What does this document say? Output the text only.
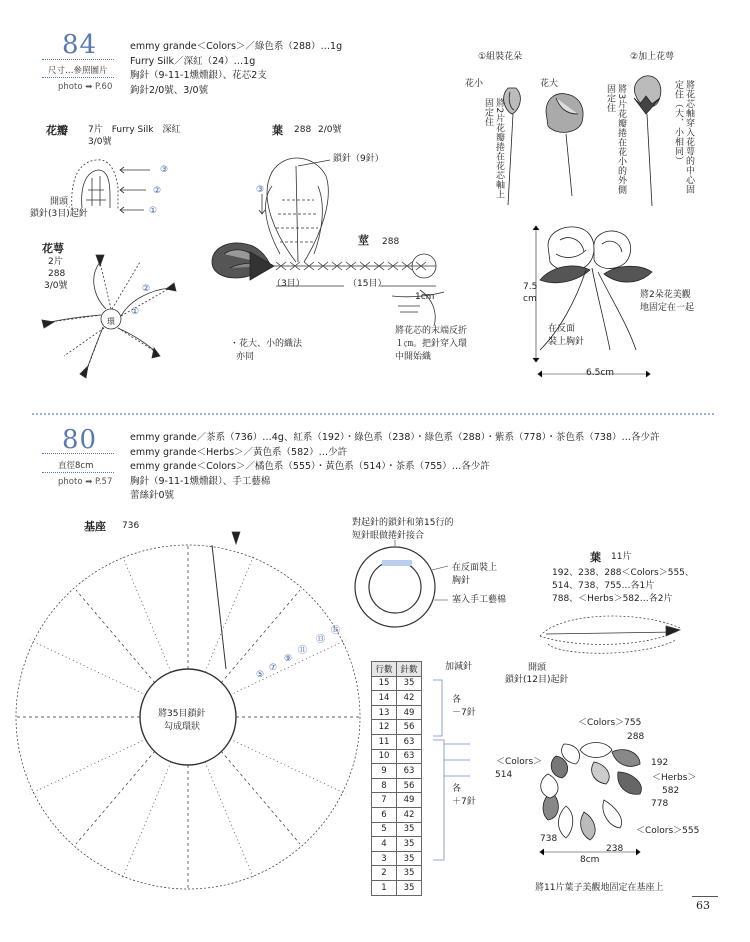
84
尺寸…參照圖片
photo ➡ P.60
emmy grande＜Colors＞／綠色系（288）…1g
Furry Silk／深紅（24）…1g
胸針（9-11-1燻燻銀）、花芯2支
鉤針2/0號、3/0號
花瓣 7片　Furry Silk　深紅
3/0號
開頭
鎖針(3目)起針
③
②
①
花萼
2片
288
3/0號
環
①
②
葉 288 2/0號
鎖針（9針）
③
莖 288
（3目）	（15目）
1cm
將花芯的末端反折
１㎝。把針穿入環
中開始織
・花大、小的織法
亦同
①組裝花朵
花小	花大
將2片花瓣捲在花芯軸上固定住	將3片花瓣捲在花小的外側固定住
②加上花萼
將花芯軸穿入花萼的中心固定住（大、小相同）
7.5
cm
6.5cm
將2朵花美觀
地固定在一起
在反面
裝上胸針
80
直徑8cm
photo ➡ P.57
emmy grande／茶系（736）…4g、紅系（192）・綠色系（238）・綠色系（288）・紫系（778）・茶色系（738）…各少許
emmy grande＜Herbs＞／黃色系（582）…少許
emmy grande＜Colors＞／橘色系（555）・黃色系（514）・茶系（755）…各少許
胸針（9-11-1燻燻銀）、手工藝棉
蕾絲針0號
基座 736
將35目鎖針
勾成環狀
⑤
⑦
⑨
⑪
⑬
⑮
對起針的鎖針和第15行的
短針眼做捲針接合
在反面裝上
胸針
塞入手工藝棉
行數	針數
15	35
14	42
13	49
12	56
11	63
10	63
9	63
8	56
7	49
6	42
5	35
4	35
3	35
2	35
1	35
加減針
各
－7針
各
＋7針
葉 11片
192、238、288＜Colors＞555、
514、738、755…各1片
788、＜Herbs＞582…各2片
開頭
鎖針(12目)起針
＜Colors＞755
288
192
＜Herbs＞
582
778
＜Colors＞555
238
738
＜Colors＞
514
8cm
將11片葉子美觀地固定在基座上
63
